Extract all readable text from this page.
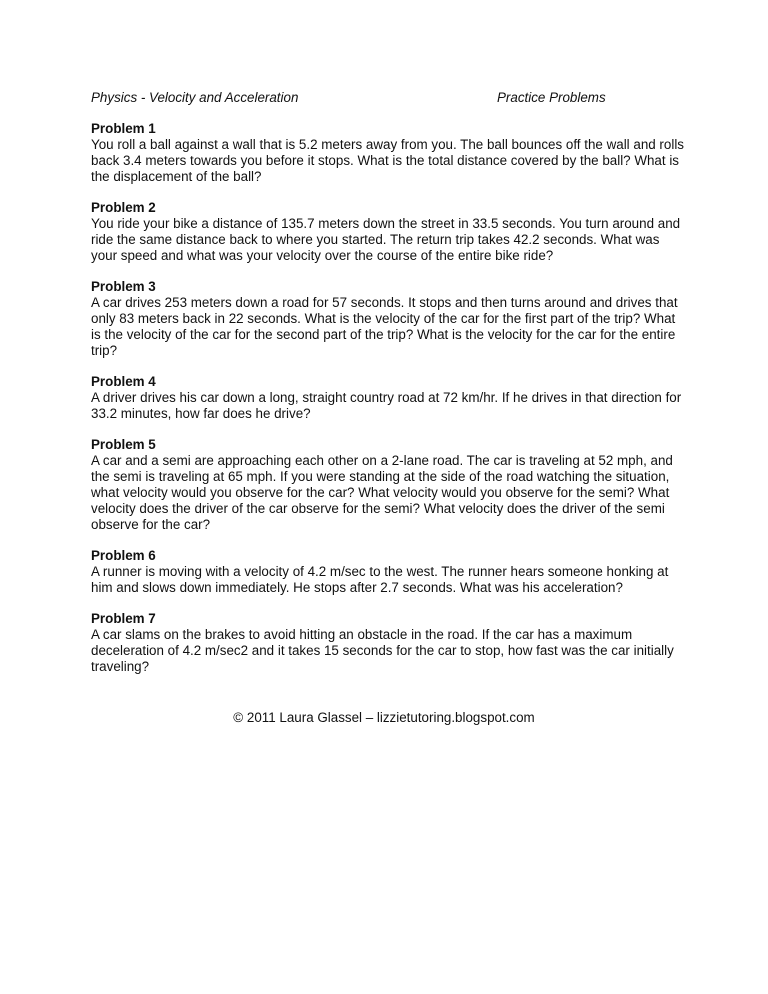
Physics - Velocity and Acceleration	Practice Problems
Problem 1
You roll a ball against a wall that is 5.2 meters away from you. The ball bounces off the wall and rolls back 3.4 meters towards you before it stops. What is the total distance covered by the ball? What is the displacement of the ball?
Problem 2
You ride your bike a distance of 135.7 meters down the street in 33.5 seconds. You turn around and ride the same distance back to where you started. The return trip takes 42.2 seconds. What was your speed and what was your velocity over the course of the entire bike ride?
Problem 3
A car drives 253 meters down a road for 57 seconds. It stops and then turns around and drives that only 83 meters back in 22 seconds. What is the velocity of the car for the first part of the trip? What is the velocity of the car for the second part of the trip? What is the velocity for the car for the entire trip?
Problem 4
A driver drives his car down a long, straight country road at 72 km/hr. If he drives in that direction for 33.2 minutes, how far does he drive?
Problem 5
A car and a semi are approaching each other on a 2-lane road. The car is traveling at 52 mph, and the semi is traveling at 65 mph. If you were standing at the side of the road watching the situation, what velocity would you observe for the car? What velocity would you observe for the semi? What velocity does the driver of the car observe for the semi? What velocity does the driver of the semi observe for the car?
Problem 6
A runner is moving with a velocity of 4.2 m/sec to the west. The runner hears someone honking at him and slows down immediately. He stops after 2.7 seconds. What was his acceleration?
Problem 7
A car slams on the brakes to avoid hitting an obstacle in the road. If the car has a maximum deceleration of 4.2 m/sec2 and it takes 15 seconds for the car to stop, how fast was the car initially traveling?
© 2011 Laura Glassel – lizzietutoring.blogspot.com
